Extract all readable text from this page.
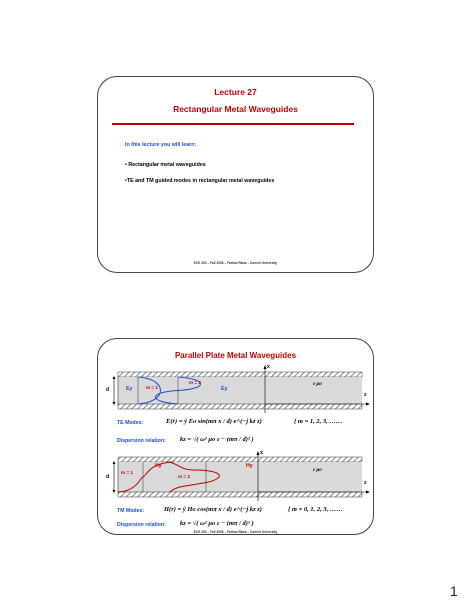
Lecture 27
Rectangular Metal Waveguides
In this lecture you will learn:
• Rectangular metal waveguides
•TE and TM guided modes in rectangular metal waveguides
ECE 303 – Fall 2006 – Farhan Rana – Cornell University
Parallel Plate Metal Waveguides
d
x
z
Ey	Ey
m = 1
m = 2	ε μo
TE Modes:	E(r) = ŷ Eo sin(mπ x / d) e^(−j kz z)	{ m = 1, 2, 3, ……
Dispersion relation: kz = √( ω² μo ε − (mπ / d)² )
d
x
z
Hy	Hy
m = 1
m = 2
ε μo
TM Modes:	H(r) = ŷ Ho cos(mπ x / d) e^(−j kz z)	{ m = 0, 1, 2, 3, ……
Dispersion relation: kz = √( ω² μo ε − (mπ / d)² )
ECE 303 – Fall 2006 – Farhan Rana – Cornell University
1
